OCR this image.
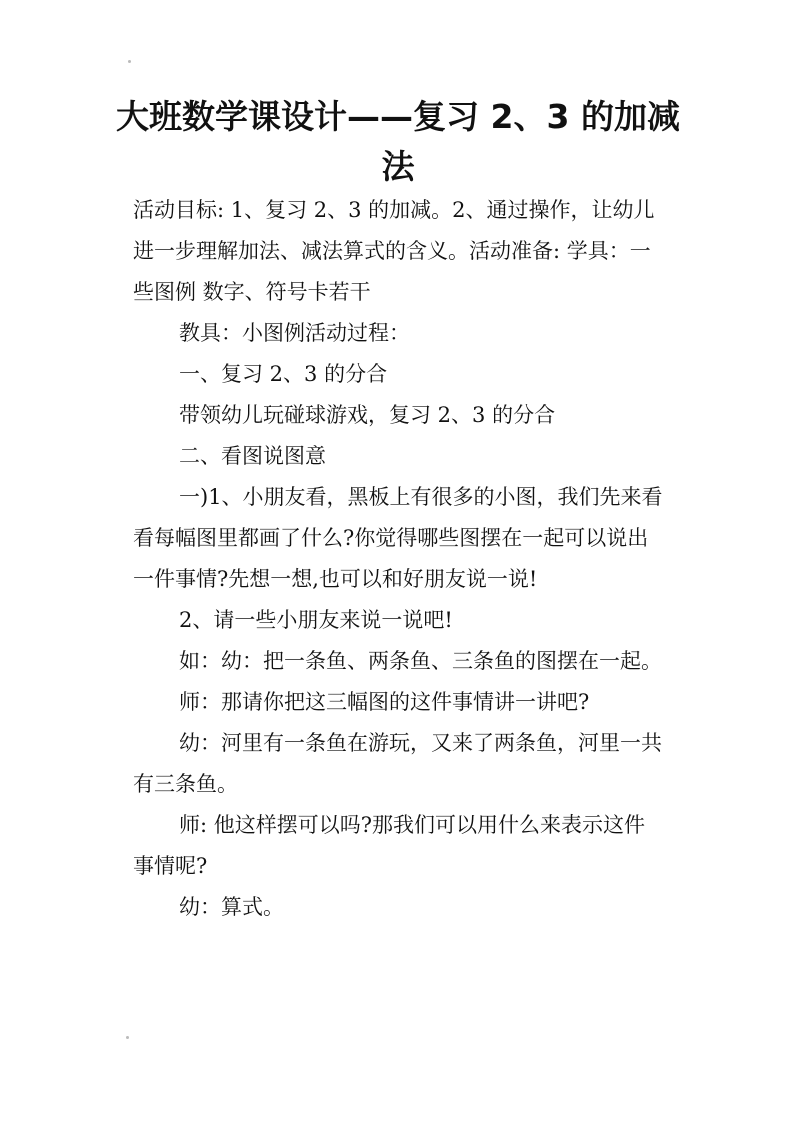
大班数学课设计——复习 2、3 的加减法

活动目标: 1、复习 2、3 的加减。2、通过操作，让幼儿进一步理解加法、减法算式的含义。活动准备: 学具：一些图例 数字、符号卡若干

教具：小图例活动过程：

一、复习 2、3 的分合

带领幼儿玩碰球游戏，复习 2、3 的分合

二、看图说图意

一)1、小朋友看，黑板上有很多的小图，我们先来看看每幅图里都画了什么?你觉得哪些图摆在一起可以说出一件事情?先想一想,也可以和好朋友说一说!

2、请一些小朋友来说一说吧!

如：幼：把一条鱼、两条鱼、三条鱼的图摆在一起。

师：那请你把这三幅图的这件事情讲一讲吧?

幼：河里有一条鱼在游玩，又来了两条鱼，河里一共有三条鱼。

师: 他这样摆可以吗?那我们可以用什么来表示这件事情呢?

幼：算式。
